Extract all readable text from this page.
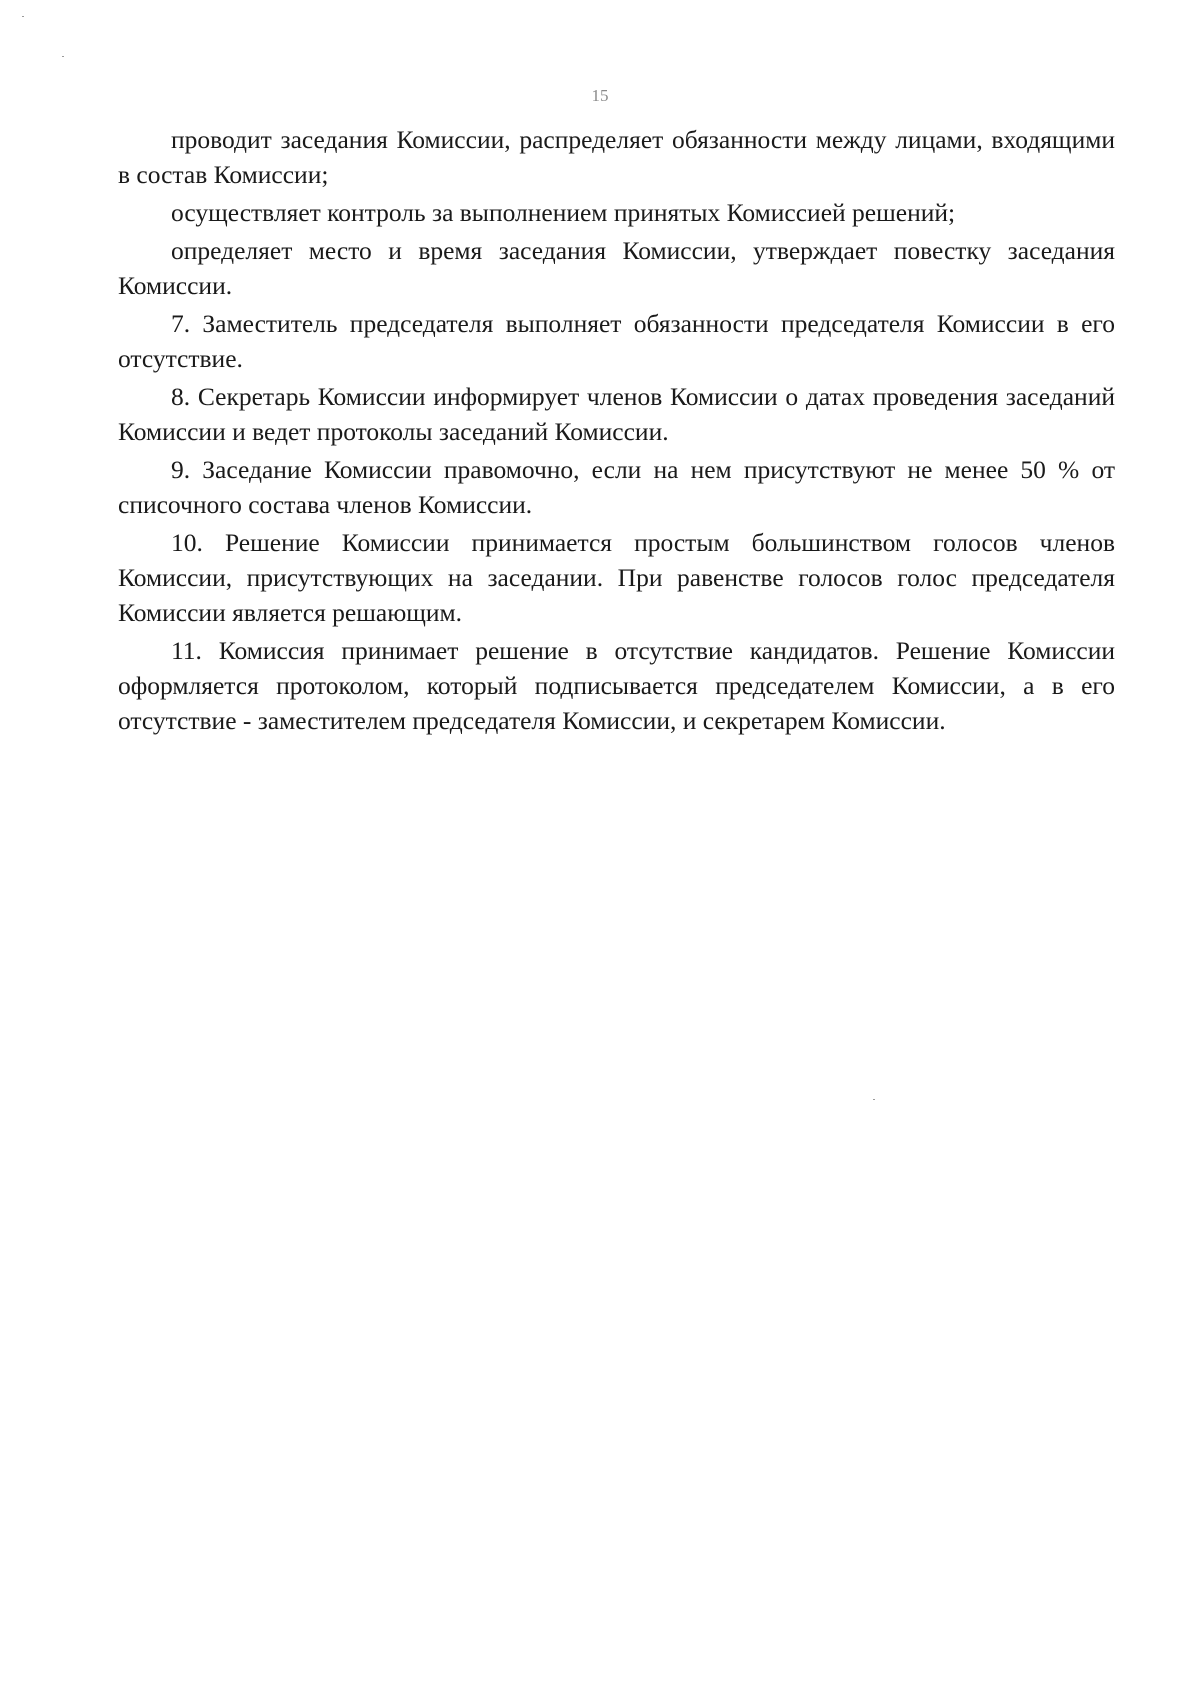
15

проводит заседания Комиссии, распределяет обязанности между лицами, входящими в состав Комиссии;

осуществляет контроль за выполнением принятых Комиссией решений;

определяет место и время заседания Комиссии, утверждает повестку заседания Комиссии.

7. Заместитель председателя выполняет обязанности председателя Комиссии в его отсутствие.

8. Секретарь Комиссии информирует членов Комиссии о датах проведения заседаний Комиссии и ведет протоколы заседаний Комиссии.

9. Заседание Комиссии правомочно, если на нем присутствуют не менее 50 % от списочного состава членов Комиссии.

10. Решение Комиссии принимается простым большинством голосов членов Комиссии, присутствующих на заседании. При равенстве голосов голос председателя Комиссии является решающим.

11. Комиссия принимает решение в отсутствие кандидатов. Решение Комиссии оформляется протоколом, который подписывается председателем Комиссии, а в его отсутствие - заместителем председателя Комиссии, и секретарем Комиссии.
